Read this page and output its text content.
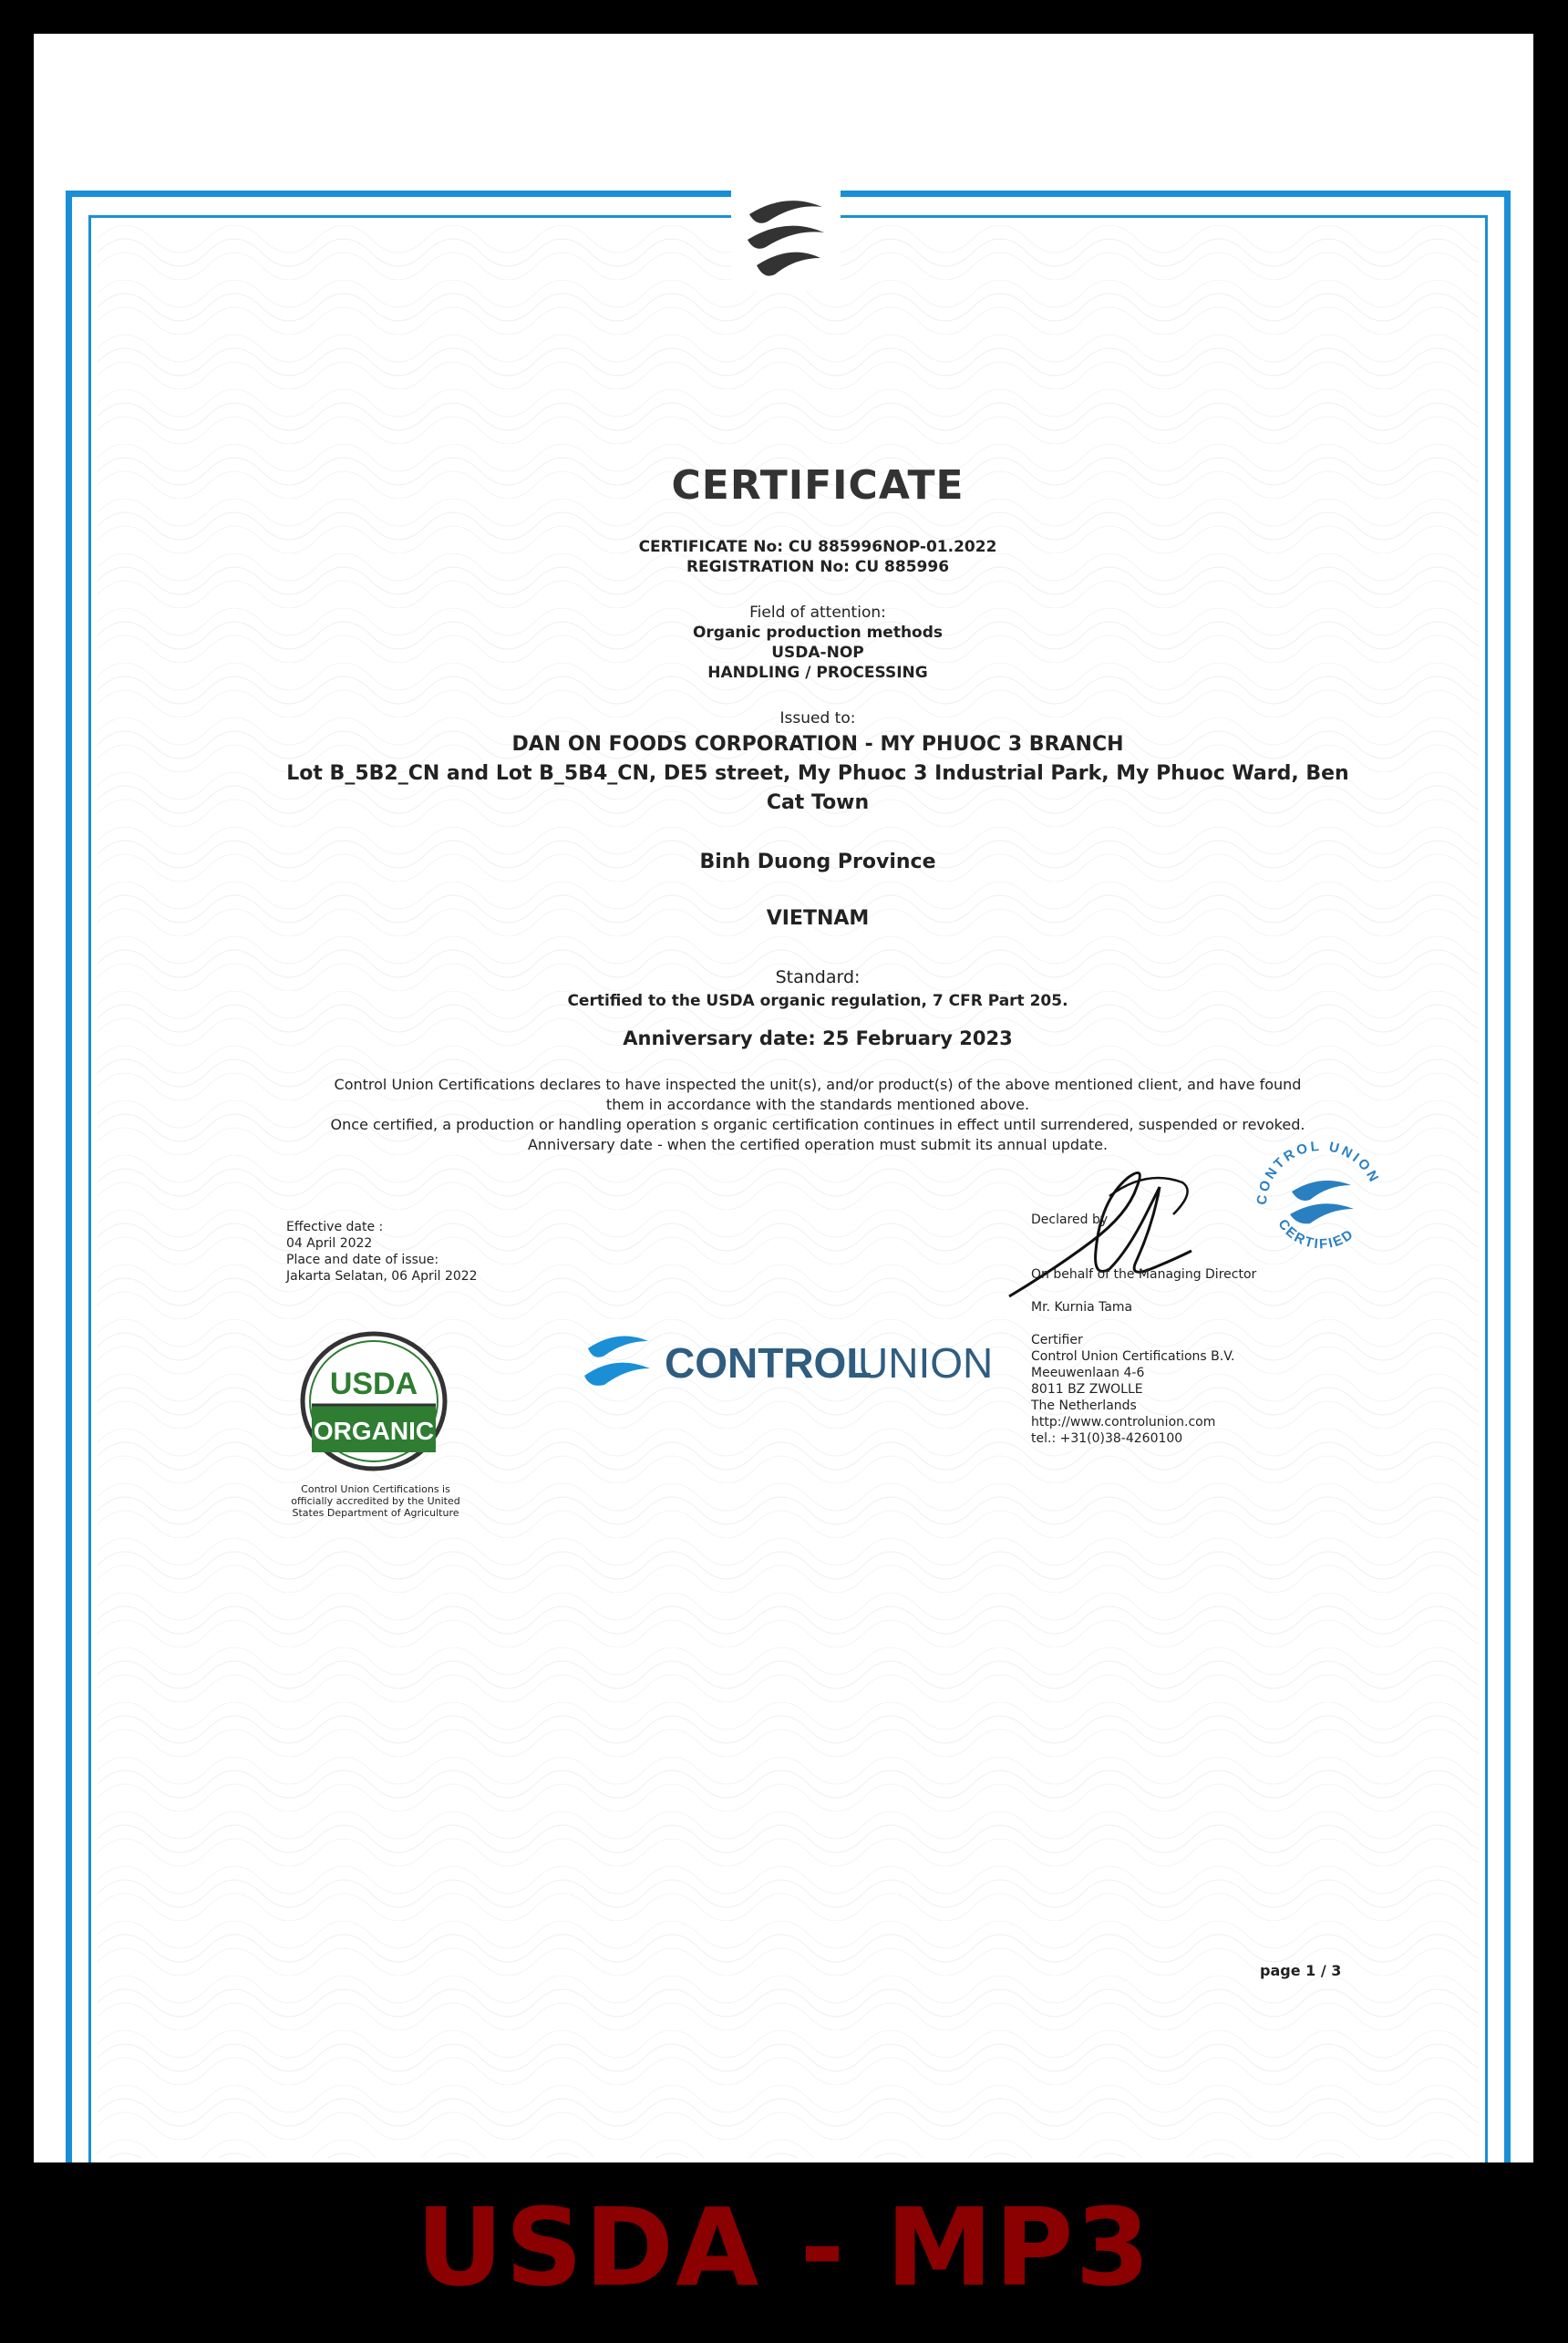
CERTIFICATE
CERTIFICATE No: CU 885996NOP-01.2022
REGISTRATION No: CU 885996
Field of attention:
Organic production methods
USDA-NOP
HANDLING / PROCESSING
Issued to:
DAN ON FOODS CORPORATION - MY PHUOC 3 BRANCH
Lot B_5B2_CN and Lot B_5B4_CN, DE5 street, My Phuoc 3 Industrial Park, My Phuoc Ward, Ben
Cat Town
Binh Duong Province
VIETNAM
Standard:
Certified to the USDA organic regulation, 7 CFR Part 205.
Anniversary date: 25 February 2023
Control Union Certifications declares to have inspected the unit(s), and/or product(s) of the above mentioned client, and have found
them in accordance with the standards mentioned above.
Once certified, a production or handling operation s organic certification continues in effect until surrendered, suspended or revoked.
Anniversary date - when the certified operation must submit its annual update.
Effective date :
04 April 2022
Place and date of issue:
Jakarta Selatan, 06 April 2022
USDA
ORGANIC
Control Union Certifications is
officially accredited by the United
States Department of Agriculture
CONTROL
UNION
CONTROL UNION
CERTIFIED
Declared by
On behalf of the Managing Director
Mr. Kurnia Tama
Certifier
Control Union Certifications B.V.
Meeuwenlaan 4-6
8011 BZ ZWOLLE
The Netherlands
http://www.controlunion.com
tel.: +31(0)38-4260100
page 1 / 3
USDA - MP3
